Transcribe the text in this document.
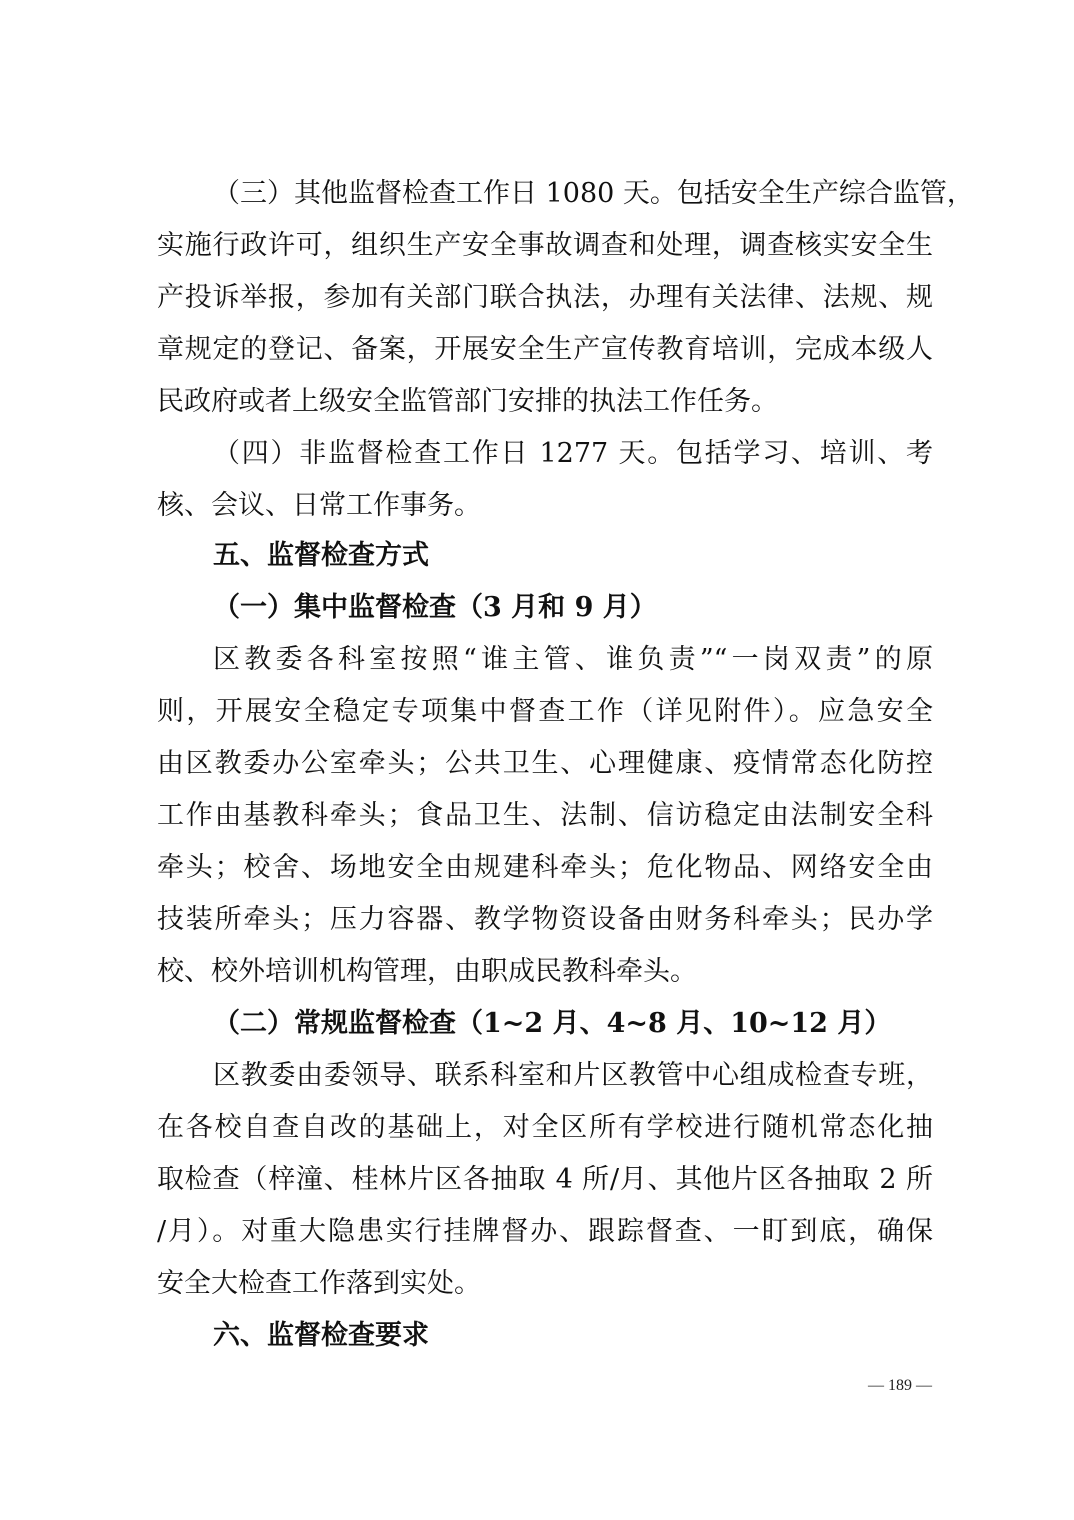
（三）其他监督检查工作日 1080 天。包括安全生产综合监管，
实施行政许可，组织生产安全事故调查和处理，调查核实安全生
产投诉举报，参加有关部门联合执法，办理有关法律、法规、规
章规定的登记、备案，开展安全生产宣传教育培训，完成本级人
民政府或者上级安全监管部门安排的执法工作任务。
（四）非监督检查工作日 1277 天。包括学习、培训、考
核、会议、日常工作事务。
五、监督检查方式
（一）集中监督检查（3 月和 9 月）
区教委各科室按照“谁主管、谁负责”“一岗双责”的原
则，开展安全稳定专项集中督查工作（详见附件）。应急安全
由区教委办公室牵头；公共卫生、心理健康、疫情常态化防控
工作由基教科牵头；食品卫生、法制、信访稳定由法制安全科
牵头；校舍、场地安全由规建科牵头；危化物品、网络安全由
技装所牵头；压力容器、教学物资设备由财务科牵头；民办学
校、校外培训机构管理，由职成民教科牵头。
（二）常规监督检查（1~2 月、4~8 月、10~12 月）
区教委由委领导、联系科室和片区教管中心组成检查专班，
在各校自查自改的基础上，对全区所有学校进行随机常态化抽
取检查（梓潼、桂林片区各抽取 4 所/月、其他片区各抽取 2 所
/月）。对重大隐患实行挂牌督办、跟踪督查、一盯到底，确保
安全大检查工作落到实处。
六、监督检查要求
— 189 —
